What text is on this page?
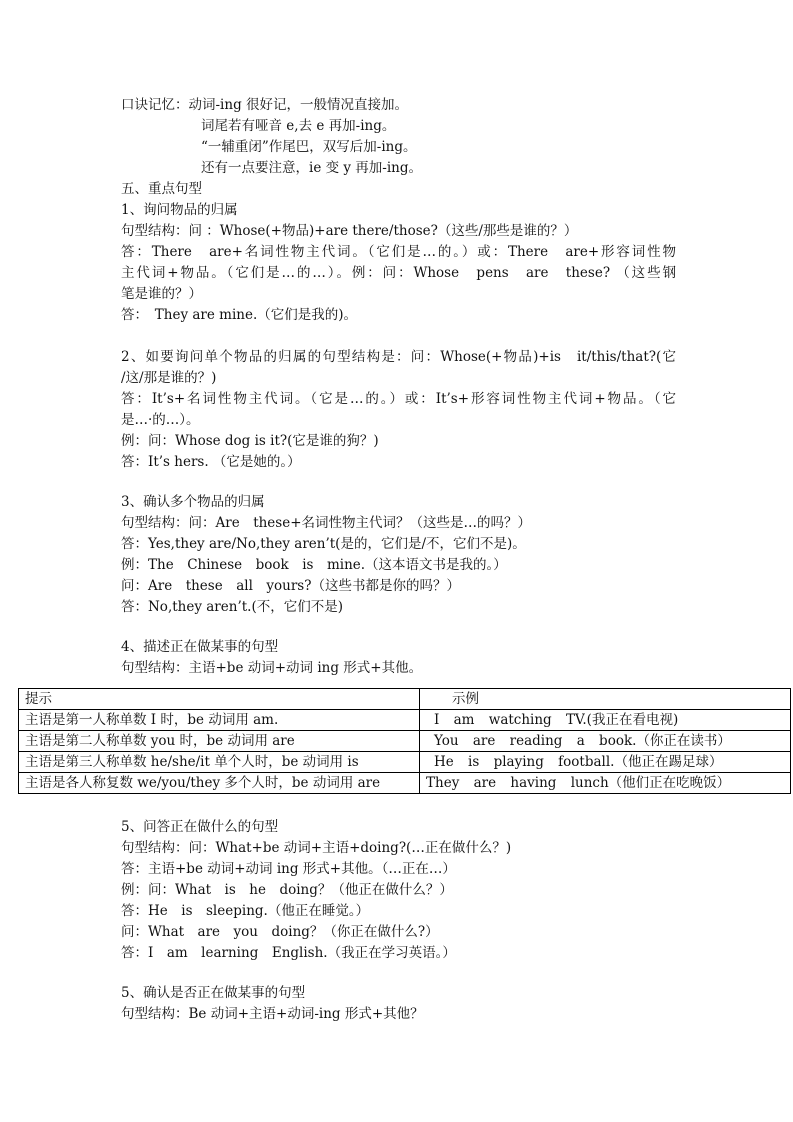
口诀记忆：动词-ing 很好记，一般情况直接加。
词尾若有哑音 e,去 e 再加-ing。
“一辅重闭”作尾巴，双写后加-ing。
还有一点要注意，ie 变 y 再加-ing。
五、重点句型
1、询问物品的归属
句型结构：问 ：Whose(+物品)+are there/those?（这些/那些是谁的？）
答：There　are+名词性物主代词。（它们是…的。）或：There　are+形容词性物
主代词+物品。（它们是…的…）。例：问：Whose　pens　are　these? （这些钢
笔是谁的？）
答：　They are mine.（它们是我的)。
2、如要询问单个物品的归属的句型结构是：问：Whose(+物品)+is　it/this/that?(它
/这/那是谁的？)
答：It’s+名词性物主代词。（它是…的。）或：It’s+形容词性物主代词+物品。（它
是…·的…）。
例：问：Whose dog is it?(它是谁的狗？)
答：It’s hers. （它是她的。）
3、确认多个物品的归属
句型结构：问：Are　these+名词性物主代词？（这些是…的吗？）
答：Yes,they are/No,they aren’t(是的，它们是/不，它们不是)。
例：The　Chinese　book　is　mine.（这本语文书是我的。）
问：Are　these　all　yours?（这些书都是你的吗？）
答：No,they aren’t.(不，它们不是)
4、描述正在做某事的句型
句型结构：主语+be 动词+动词 ing 形式+其他。
提示	示例
主语是第一人称单数 I 时，be 动词用 am.	I am watching TV.(我正在看电视)
主语是第二人称单数 you 时，be 动词用 are	You are reading a book.（你正在读书）
主语是第三人称单数 he/she/it 单个人时，be 动词用 is	He is playing football.（他正在踢足球）
主语是各人称复数 we/you/they 多个人时，be 动词用 are	They are having lunch（他们正在吃晚饭）
5、问答正在做什么的句型
句型结构：问：What+be 动词+主语+doing?(…正在做什么？)
答：主语+be 动词+动词 ing 形式+其他。（…正在…）
例：问：What　is　he　doing？（他正在做什么？）
答：He　is　sleeping.（他正在睡觉。）
问：What　are　you　doing？（你正在做什么?）
答：I　am　learning　English.（我正在学习英语。）
5、确认是否正在做某事的句型
句型结构：Be 动词+主语+动词-ing 形式+其他？
